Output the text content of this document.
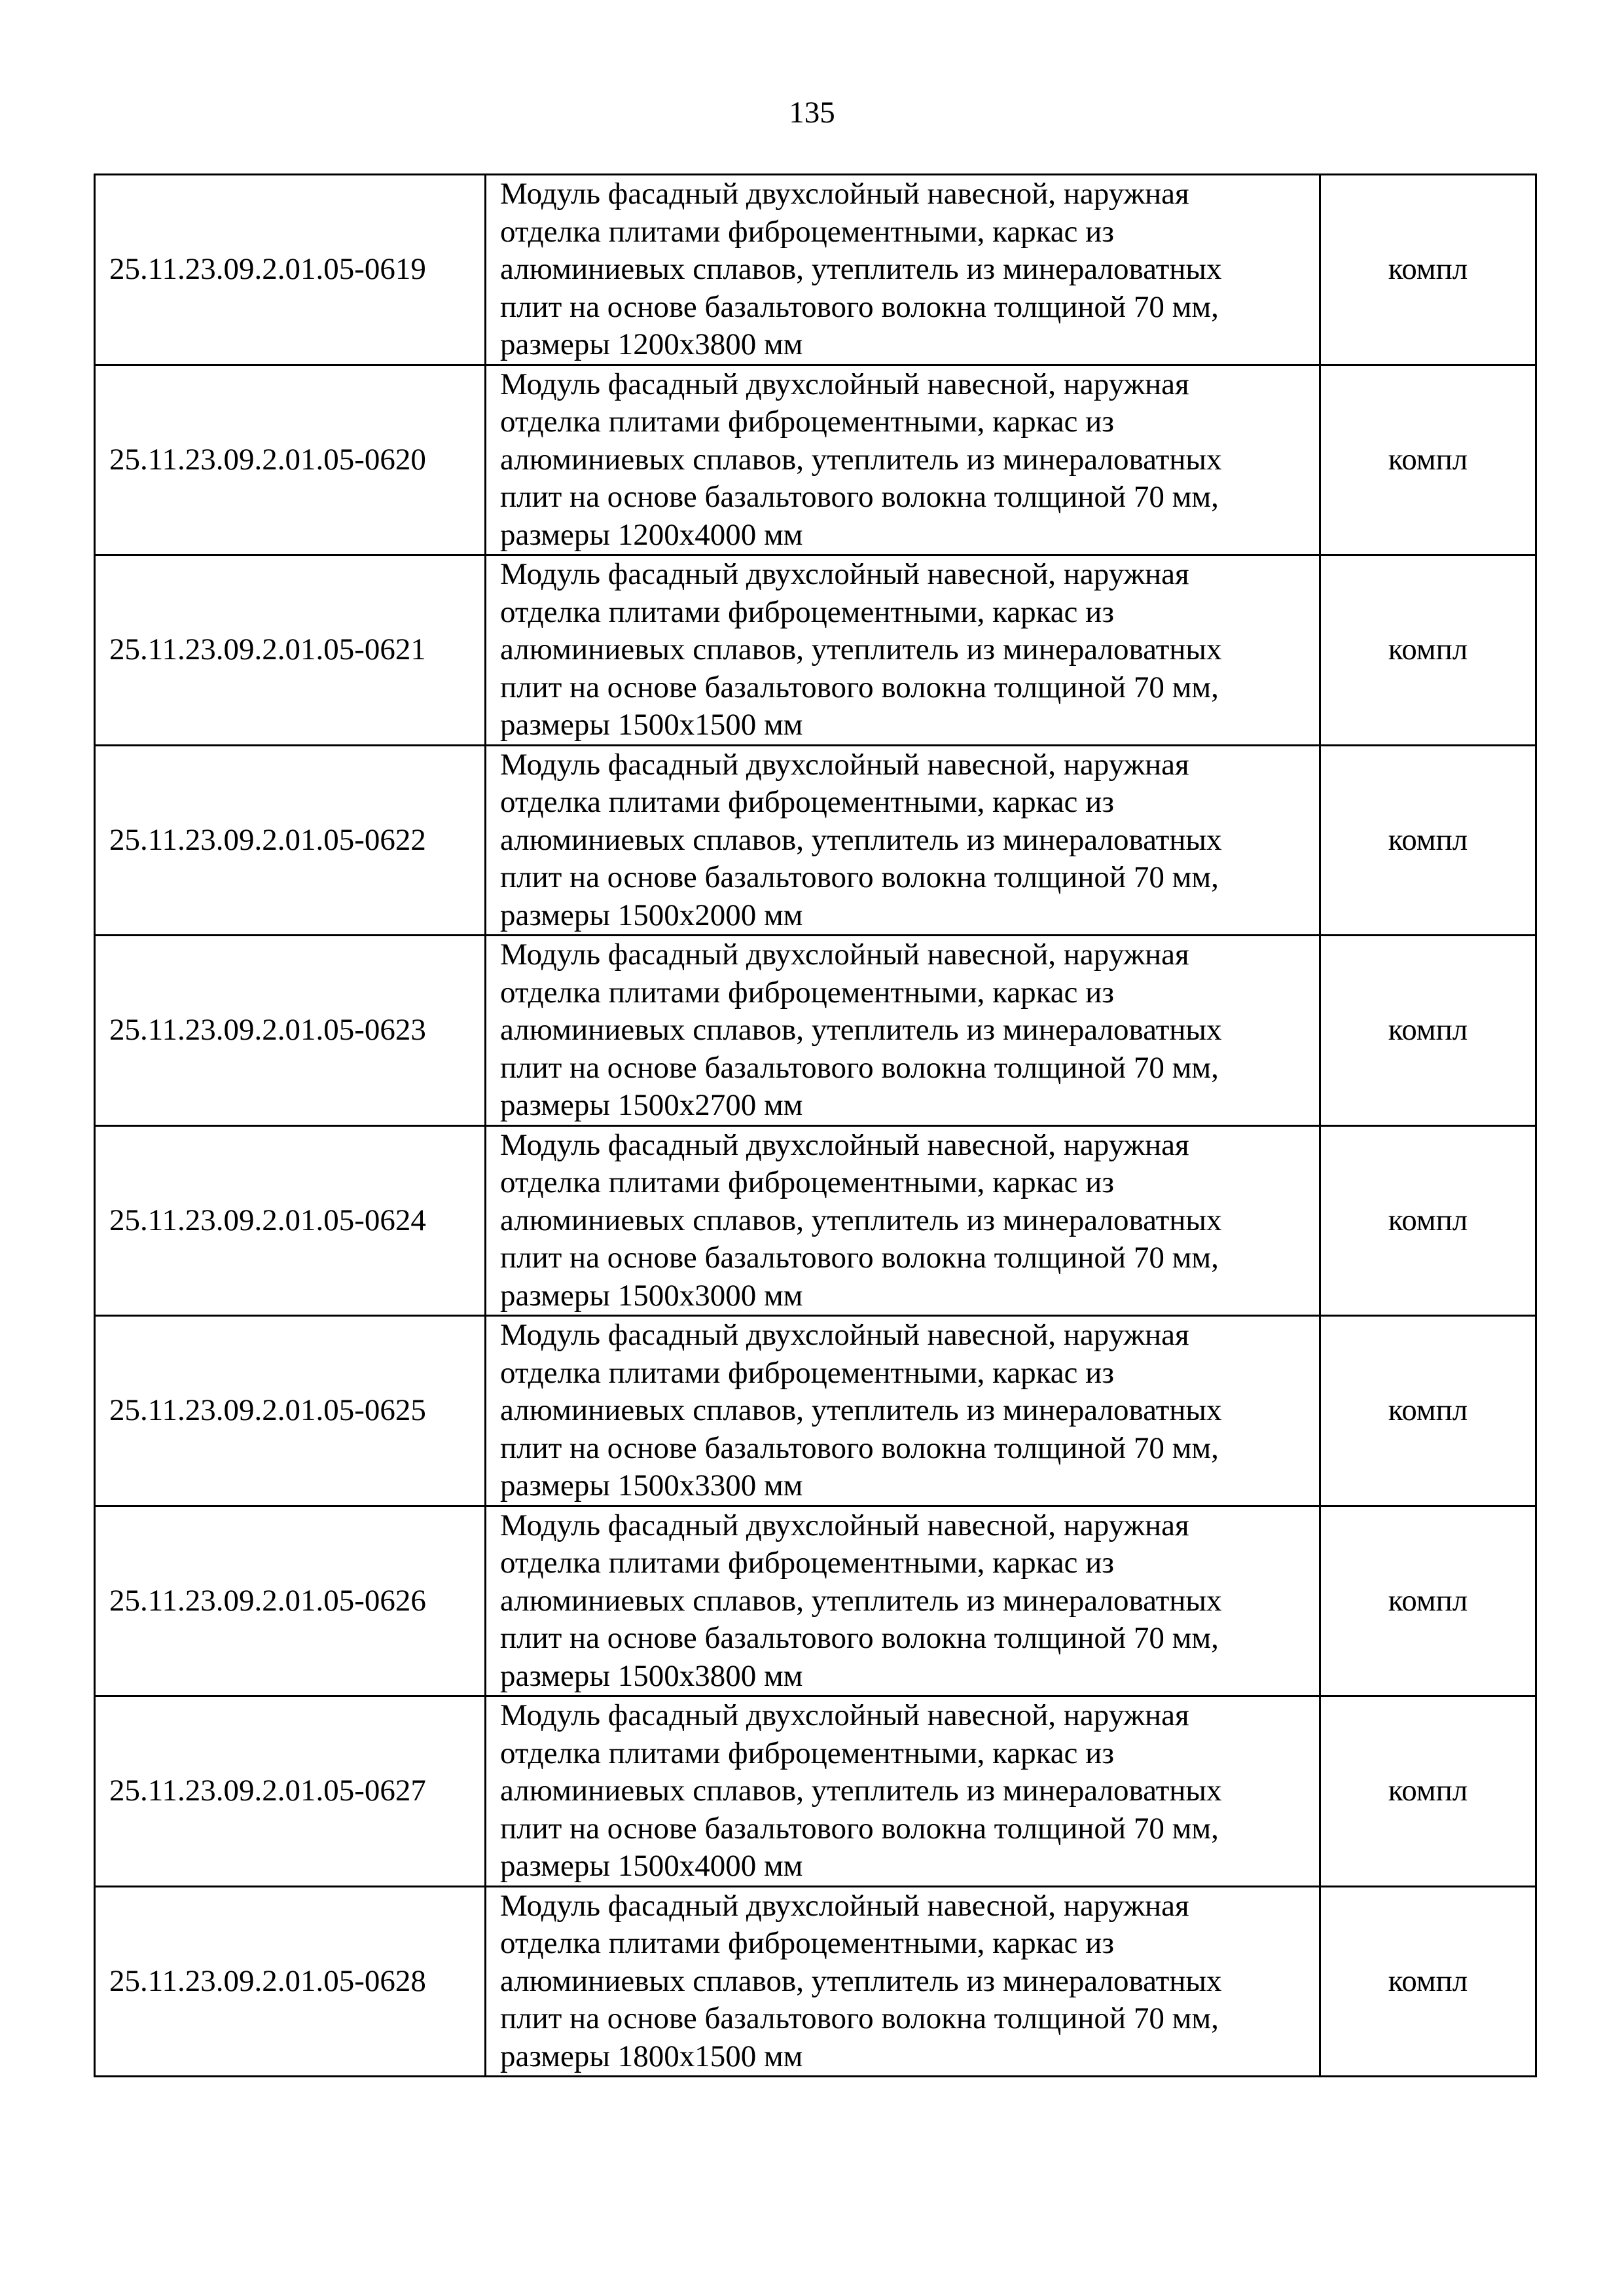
135
25.11.23.09.2.01.05-0619	Модуль фасадный двухслойный навесной, наружная
отделка плитами фиброцементными, каркас из
алюминиевых сплавов, утеплитель из минераловатных
плит на основе базальтового волокна толщиной 70 мм,
размеры 1200х3800 мм	компл
25.11.23.09.2.01.05-0620	Модуль фасадный двухслойный навесной, наружная
отделка плитами фиброцементными, каркас из
алюминиевых сплавов, утеплитель из минераловатных
плит на основе базальтового волокна толщиной 70 мм,
размеры 1200х4000 мм	компл
25.11.23.09.2.01.05-0621	Модуль фасадный двухслойный навесной, наружная
отделка плитами фиброцементными, каркас из
алюминиевых сплавов, утеплитель из минераловатных
плит на основе базальтового волокна толщиной 70 мм,
размеры 1500х1500 мм	компл
25.11.23.09.2.01.05-0622	Модуль фасадный двухслойный навесной, наружная
отделка плитами фиброцементными, каркас из
алюминиевых сплавов, утеплитель из минераловатных
плит на основе базальтового волокна толщиной 70 мм,
размеры 1500х2000 мм	компл
25.11.23.09.2.01.05-0623	Модуль фасадный двухслойный навесной, наружная
отделка плитами фиброцементными, каркас из
алюминиевых сплавов, утеплитель из минераловатных
плит на основе базальтового волокна толщиной 70 мм,
размеры 1500х2700 мм	компл
25.11.23.09.2.01.05-0624	Модуль фасадный двухслойный навесной, наружная
отделка плитами фиброцементными, каркас из
алюминиевых сплавов, утеплитель из минераловатных
плит на основе базальтового волокна толщиной 70 мм,
размеры 1500х3000 мм	компл
25.11.23.09.2.01.05-0625	Модуль фасадный двухслойный навесной, наружная
отделка плитами фиброцементными, каркас из
алюминиевых сплавов, утеплитель из минераловатных
плит на основе базальтового волокна толщиной 70 мм,
размеры 1500х3300 мм	компл
25.11.23.09.2.01.05-0626	Модуль фасадный двухслойный навесной, наружная
отделка плитами фиброцементными, каркас из
алюминиевых сплавов, утеплитель из минераловатных
плит на основе базальтового волокна толщиной 70 мм,
размеры 1500х3800 мм	компл
25.11.23.09.2.01.05-0627	Модуль фасадный двухслойный навесной, наружная
отделка плитами фиброцементными, каркас из
алюминиевых сплавов, утеплитель из минераловатных
плит на основе базальтового волокна толщиной 70 мм,
размеры 1500х4000 мм	компл
25.11.23.09.2.01.05-0628	Модуль фасадный двухслойный навесной, наружная
отделка плитами фиброцементными, каркас из
алюминиевых сплавов, утеплитель из минераловатных
плит на основе базальтового волокна толщиной 70 мм,
размеры 1800х1500 мм	компл
